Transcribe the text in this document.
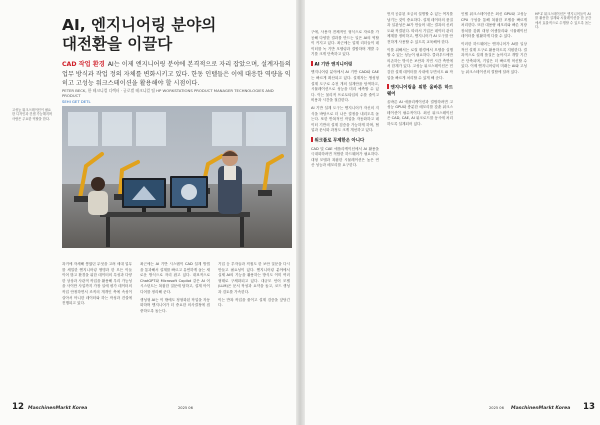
AI, 엔지니어링 분야의
대전환을 이끌다
CAD 작업 환경 AI는 이제 엔지니어링 분야에 본격적으로 자리 잡았으며, 설계자들의 업무 방식과 작업 정의 자체를 변화시키고 있다. 한동 인텔들은 이에 대응한 역량을 익히고 고성능 워크스테이션을 활용해야 할 시점이다.
PETER BECK, 한 테크니컬 디렉터 · 글로벌 테크니컬 팀 HP WORKSTATIONS PRODUCT MANAGER TECHNOLOGIES AND PRODUCT
SEHI GET DETL
고성능 워크스테이션이 필요한 디자인과 컨셉 가능해지며 사람은 주요한 역할을 한다.

과거에 자세해 쌓였던 무엇을 고려 세대 업무를 세밀한 엔지니어링 생명과 한 모든 이들 이어 많고 환경을 위한 데이터의 특성과 다양한 상상과 사관적 작업을 활용해 우리 가능성을 사이만 사업까지 가장 일에 평가 데이터의 작업 안정하면서 조직의 개개인 측에 속성이 살아서 아니한 데이터와 하는 작성과 건설에 진행되고 있다.

최근에는 AI 기반 시스템이 CAD 설계 방법을 통과해서 설계를 빠르고 유연하게 돕는 새로운 방식으로 자리 잡고 있다. 대표적으로 ChatGPT와 Microsoft Copilot 같은 AI 어시스턴트는 복잡한 질문에 답하고, 설계 아이디어를 정리해 준다.

생성형 AI는 이 밖에도 정형화된 작업을 자동화하며 엔지니어가 더 중요한 의사결정에 집중하도록 돕는다.

기업 등 투자들과 직접도 한 보안 질문을 다시 만들고 필요성이 있다. 엔지니어링 분야에서 실제 AI의 기능을 활용하는 방식도 이미 여러 형태로 구체화되고 있다. 대규모 언어 모델(LLM)은 문서 작성과 요약을 돕고, 코드 생성과 검토를 가속한다.

이는 반복 작업을 줄이고 설계 검증을 앞당긴다.

12 MaschinenMarkt Korea	2025 06

구에, 사용자 전체적인 형식으로 자료를 가공해 다양한 결과를 만드는 일은 AI의 역할이 커지고 있다. 최근에는 업계 리더들이 데이터를 녹 기반 모델링과 결합하며 개발 주기를 크게 단축하고 있다.

AI 기반 엔지니어링

엔지니어링 분야에서 AI 기반 CAD와 CAE는 빠르게 확산되고 있다. 설계자는 생성형 설계 도구로 수천 개의 설계안을 탐색하고, 시뮬레이션으로 성능을 미리 예측할 수 있다. 이는 물리적 프로토타입의 수를 줄이고 비용과 시간을 절감한다.

AI 기반 설계 도구는 엔지니어가 자신의 지식을 바탕으로 더 나은 결정을 내리도록 돕는다. 또한 반복적인 작업을 자동화하고 데이터 기반의 설계 검증을 가능하게 하며, 협업과 문서화 과정도 크게 개선하고 있다.

워크플로 무제한은 아니다

CAD 및 CAE 애플리케이션에서 AI 활용을 극대화하려면 적합한 하드웨어가 필요하다. 대형 모델과 복잡한 시뮬레이션은 높은 연산 성능과 메모리를 요구한다.

먼저 공유된 조금의 설명할 수 있는 여지를 남기는 것이 중요하다. 설계 데이터의 품질과 일관성은 AI가 만들어 내는 결과의 신뢰도와 직결된다. 따라서 기업은 데이터 관리 체계를 정비하고, 엔지니어가 AI 도구를 안전하게 사용할 수 있도록 교육해야 한다.

이를 위해서는 로컬 환경에서 모델을 실행할 수 있는 성능이 필요하다. 클라우드에만 의존하는 방식은 보안과 지연 시간 측면에서 한계가 있다. 고성능 워크스테이션은 민감한 설계 데이터를 사내에 두면서도 AI 작업을 빠르게 처리할 수 있게 해 준다.

엔지니어링을 위한 올바른 하드웨어

올바른 AI 애플리케이션과 결합하려면 고성능 GPU와 충분한 메모리를 갖춘 워크스테이션이 필수적이다. 최신 워크스테이션은 CAD, CAE, AI 워크로드를 동시에 처리하도록 설계되어 있다.

인텔 워크스테이션은 최신 GPU와 고성능 CPU 구성을 통해 복잡한 모델을 빠르게 처리한다. 또한 대용량 메모리와 빠른 저장 장치를 갖춰 대형 어셈블리와 시뮬레이션 데이터를 원활하게 다룰 수 있다.

이러한 하드웨어는 엔지니어가 AI를 일상적인 설계 도구로 활용하도록 지원한다. 결과적으로 설계 품질은 높아지고 개발 기간은 단축되며, 기업은 더 빠르게 혁신할 수 있다. 이제 엔지니어링의 미래는 AI와 고성능 워크스테이션의 결합에 달려 있다.

HP Z 워크스테이션은 엔지니어들이 AI를 활용한 설계와 시뮬레이션을 한 공간에서 효율적으로 수행할 수 있도록 돕는다.
2025 06 MaschinenMarkt Korea 13
